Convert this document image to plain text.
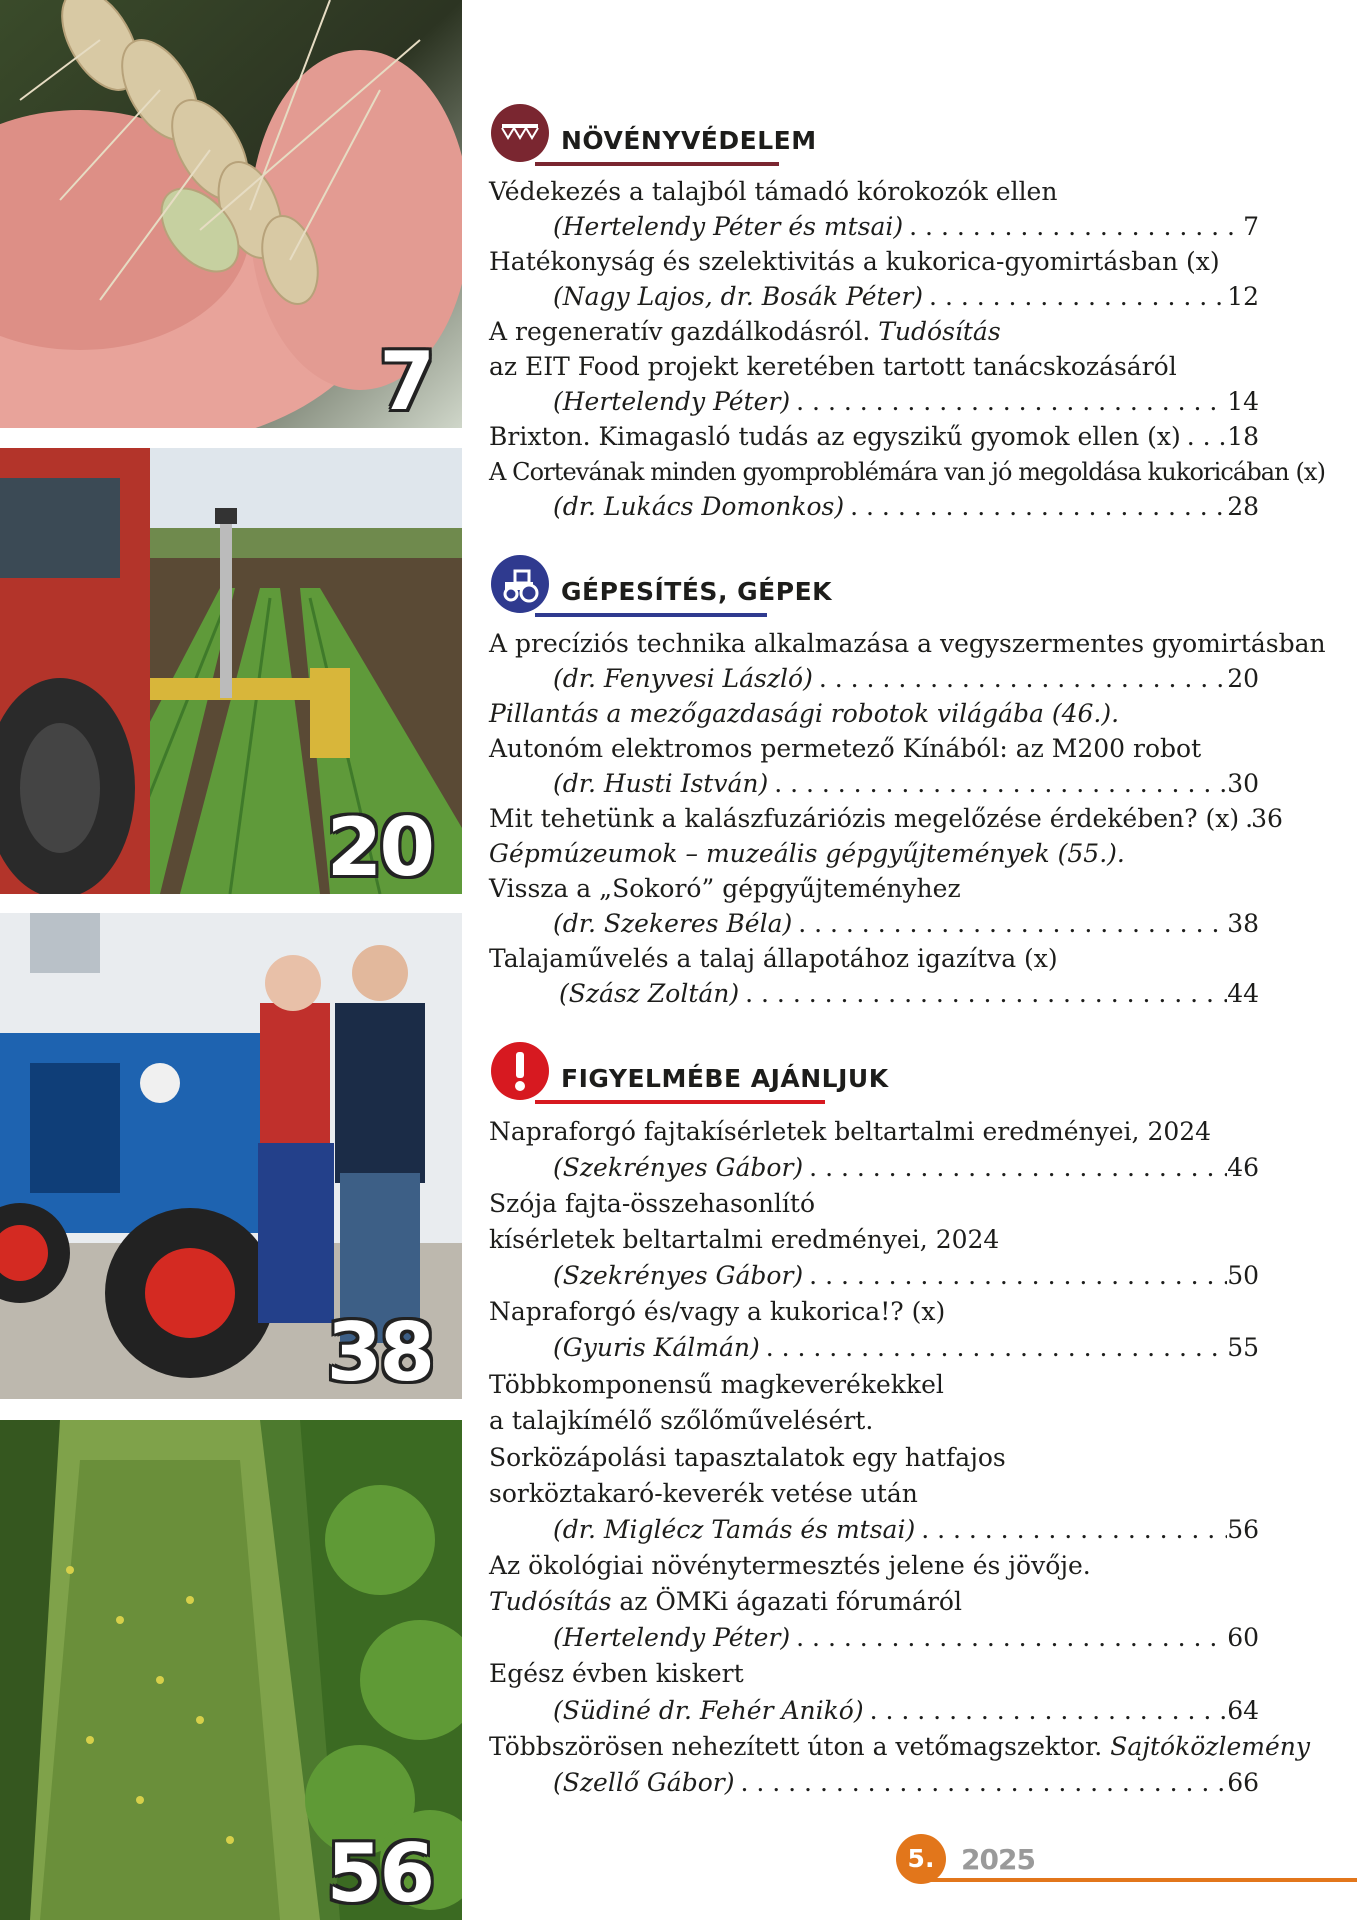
7
20
38
56
NÖVÉNYVÉDELEM
Védekezés a talajból támadó kórokozók ellen
(Hertelendy Péter és mtsai) . . .	7
Hatékonyság és szelektivitás a kukorica-gyomirtásban (x)
(Nagy Lajos, dr. Bosák Péter) . . .	12
A regeneratív gazdálkodásról. Tudósítás
az EIT Food projekt keretében tartott tanácskozásáról
(Hertelendy Péter) . . .	14
Brixton. Kimagasló tudás az egyszikű gyomok ellen (x) . . . 18
A Cortevának minden gyomproblémára van jó megoldása kukoricában (x)
(dr. Lukács Domonkos) . . .	28
GÉPESÍTÉS, GÉPEK
A precíziós technika alkalmazása a vegyszermentes gyomirtásban
(dr. Fenyvesi László) . . .	20
Pillantás a mezőgazdasági robotok világába (46.).
Autonóm elektromos permetező Kínából: az M200 robot
(dr. Husti István) . . .	30
Mit tehetünk a kalászfuzáriózis megelőzése érdekében? (x) . . . 36
Gépmúzeumok – muzeális gépgyűjtemények (55.).
Vissza a „Sokoró” gépgyűjteményhez
(dr. Szekeres Béla) . . .	38
Talajaművelés a talaj állapotához igazítva (x)
(Szász Zoltán) . . .	44
FIGYELMÉBE AJÁNLJUK
Napraforgó fajtakísérletek beltartalmi eredményei, 2024
(Szekrényes Gábor) . . .	46
Szója fajta-összehasonlító
kísérletek beltartalmi eredményei, 2024
(Szekrényes Gábor) . . .	50
Napraforgó és/vagy a kukorica!? (x)
(Gyuris Kálmán) . . .	55
Többkomponensű magkeverékekkel
a talajkímélő szőlőművelésért.
Sorközápolási tapasztalatok egy hatfajos
sorköztakaró-keverék vetése után
(dr. Miglécz Tamás és mtsai) . . .	56
Az ökológiai növénytermesztés jelene és jövője.
Tudósítás az ÖMKi ágazati fórumáról
(Hertelendy Péter) . . .	60
Egész évben kiskert
(Südiné dr. Fehér Anikó) . . .	64
Többszörösen nehezített úton a vetőmagszektor. Sajtóközlemény
(Szellő Gábor) . . .	66
5. 2025
